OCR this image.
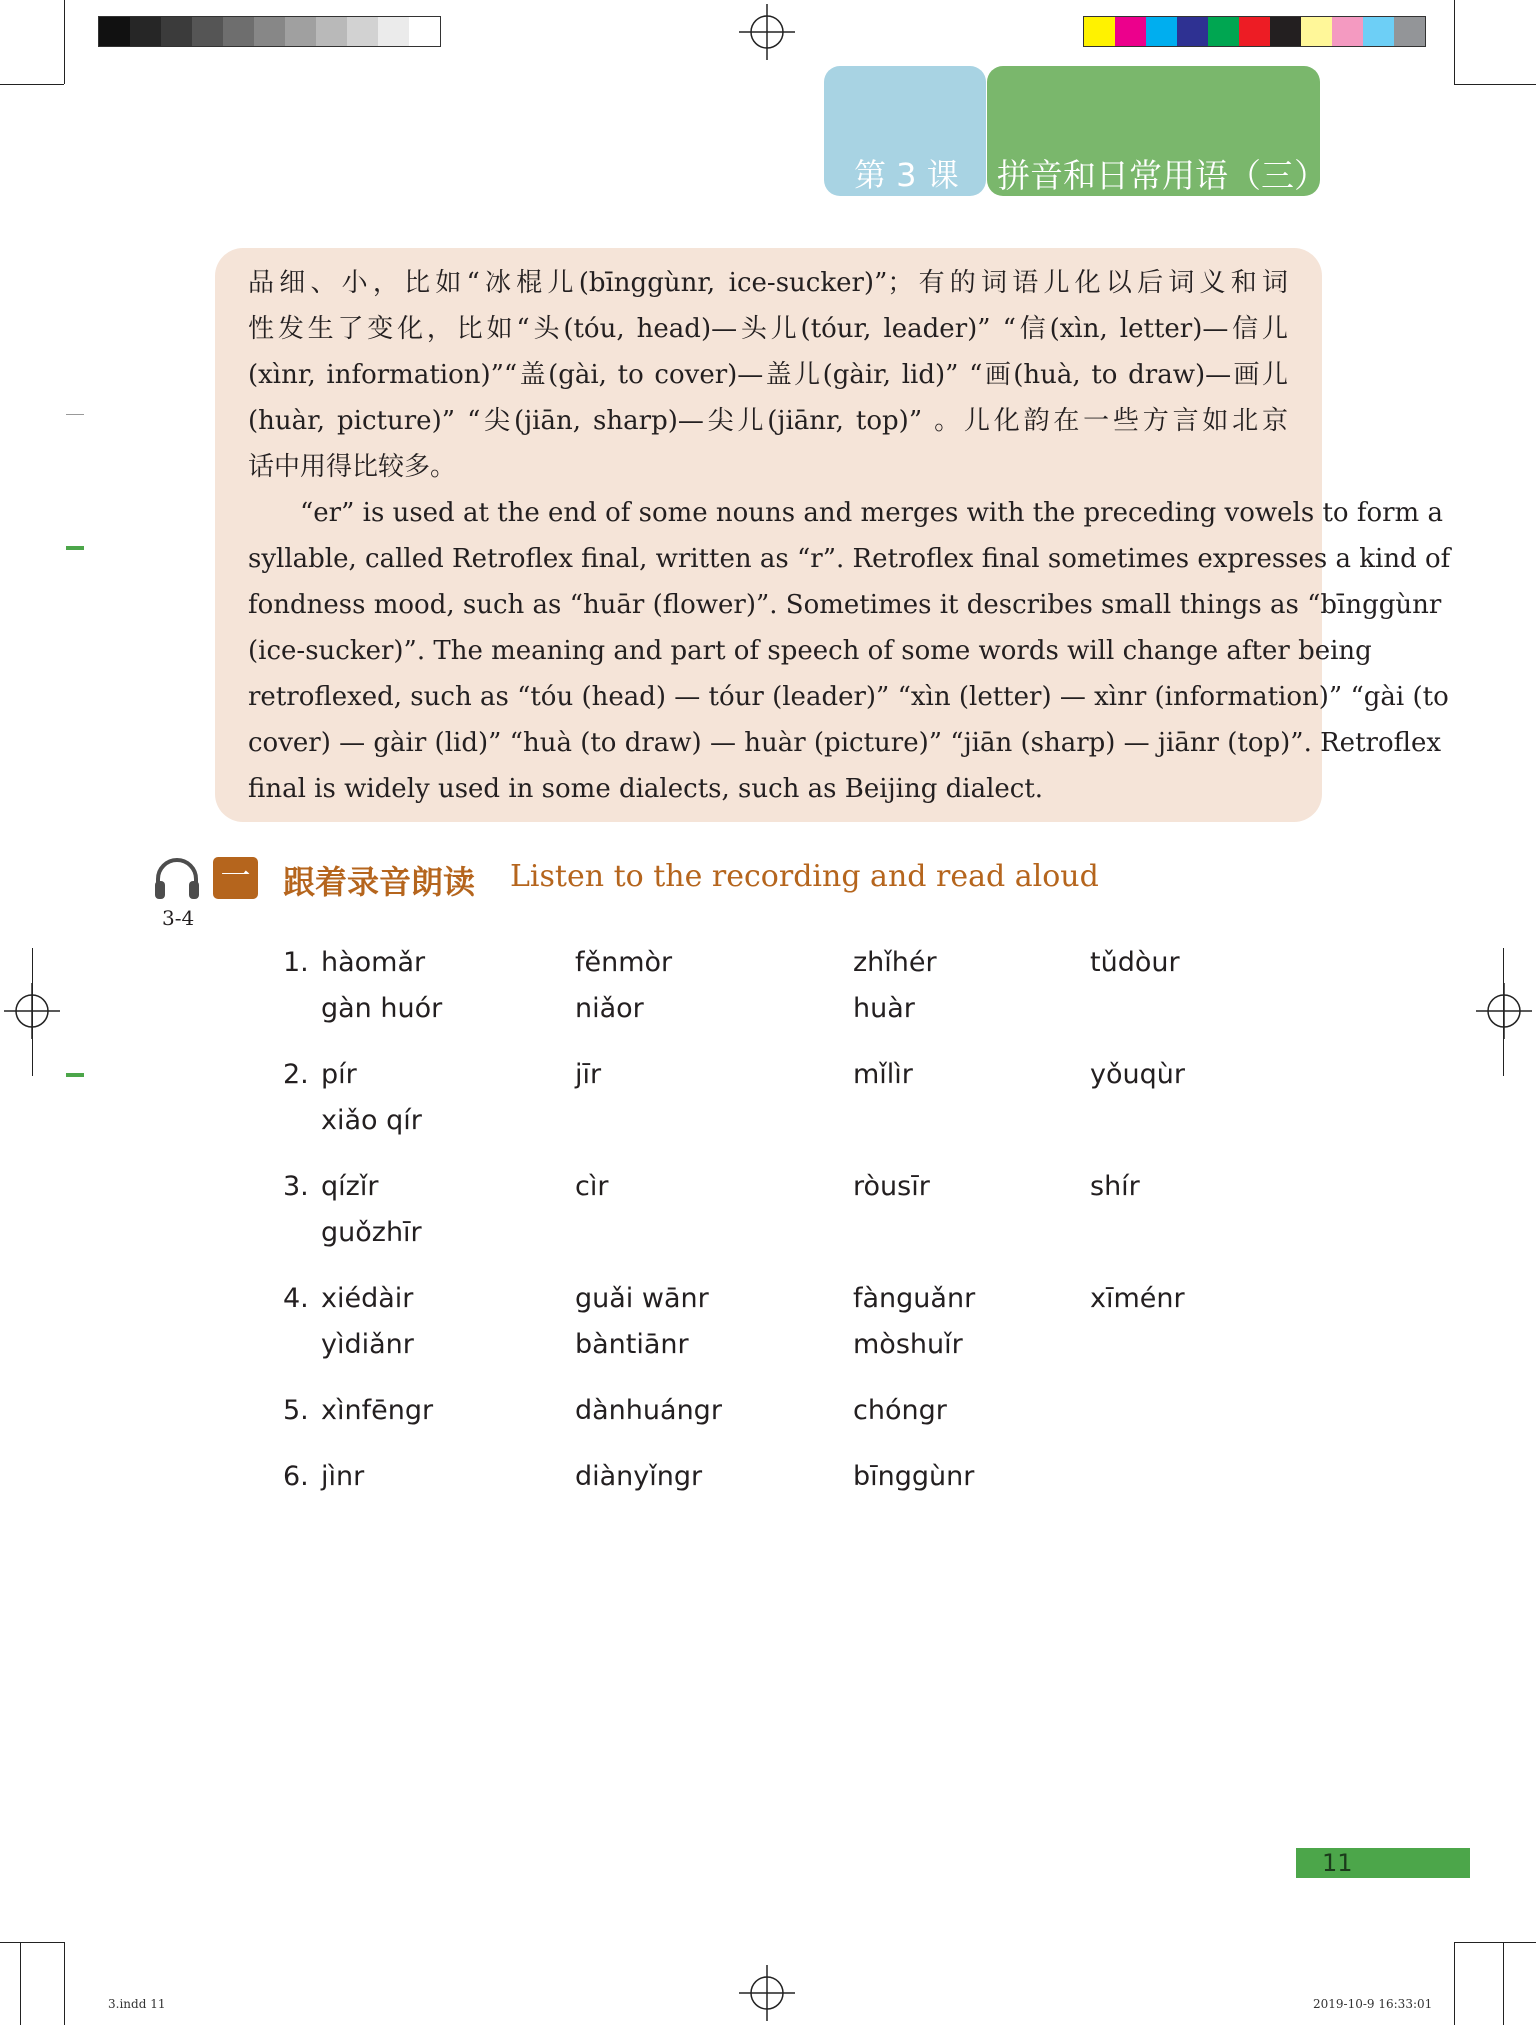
第 3 课	拼音和日常用语（三）
品细、小，比如“冰棍儿(bīnggùnr, ice-sucker)”；有的词语儿化以后词义和词
性发生了变化，比如“头(tóu, head)—头儿(tóur, leader)” “信(xìn, letter)—信儿
(xìnr, information)”“盖(gài, to cover)—盖儿(gàir, lid)” “画(huà, to draw)—画儿
(huàr, picture)” “尖(jiān, sharp)—尖儿(jiānr, top)” 。儿化韵在一些方言如北京
话中用得比较多。
“er” is used at the end of some nouns and merges with the preceding vowels to form a
syllable, called Retroflex final, written as “r”. Retroflex final sometimes expresses a kind of
fondness mood, such as “huār (flower)”. Sometimes it describes small things as “bīnggùnr
(ice-sucker)”. The meaning and part of speech of some words will change after being
retroflexed, such as “tóu (head) — tóur (leader)” “xìn (letter) — xìnr (information)” “gài (to
cover) — gàir (lid)” “huà (to draw) — huàr (picture)” “jiān (sharp) — jiānr (top)”. Retroflex
final is widely used in some dialects, such as Beijing dialect.
3-4
一 跟着录音朗读 Listen to the recording and read aloud
1. hàomǎr	fěnmòr	zhǐhér	tǔdòur
gàn huór	niǎor	huàr
2. pír	jīr	mǐlìr	yǒuqùr
xiǎo qír
3. qízǐr	cìr	ròusīr	shír
guǒzhīr
4. xiédàir	guǎi wānr	fànguǎnr	xīménr
yìdiǎnr	bàntiānr	mòshuǐr
5. xìnfēngr	dànhuángr	chóngr
6. jìnr	diànyǐngr	bīnggùnr
11
3.indd 11	2019-10-9 16:33:01
